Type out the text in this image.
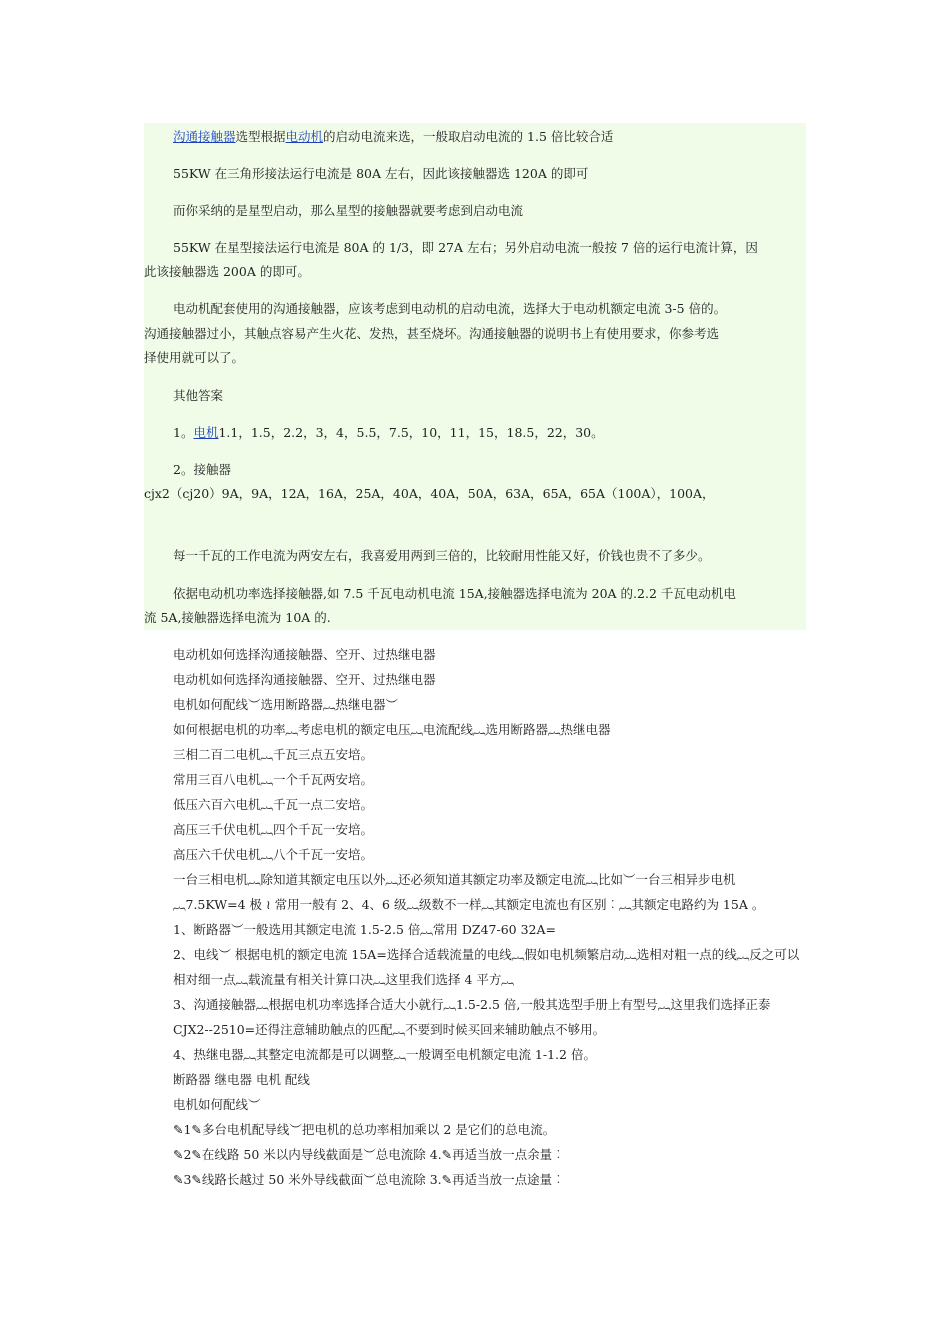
沟通接触器选型根据电动机的启动电流来选，一般取启动电流的 1.5 倍比较合适
55KW 在三角形接法运行电流是 80A 左右，因此该接触器选 120A 的即可
而你采纳的是星型启动，那么星型的接触器就要考虑到启动电流
55KW 在星型接法运行电流是 80A 的 1/3，即 27A 左右；另外启动电流一般按 7 倍的运行电流计算，因
此该接触器选 200A 的即可。
电动机配套使用的沟通接触器，应该考虑到电动机的启动电流，选择大于电动机额定电流 3-5 倍的。
沟通接触器过小，其触点容易产生火花、发热，甚至烧坏。沟通接触器的说明书上有使用要求，你参考选
择使用就可以了。
其他答案
1。电机1.1，1.5，2.2，3，4，5.5，7.5，10，11，15，18.5，22，30。
2。接触器
cjx2（cj20）9A，9A，12A，16A，25A，40A，40A，50A，63A，65A，65A（100A），100A，
每一千瓦的工作电流为两安左右，我喜爱用两到三倍的，比较耐用性能又好，价钱也贵不了多少。
依据电动机功率选择接触器,如 7.5 千瓦电动机电流 15A,接触器选择电流为 20A 的.2.2 千瓦电动机电
流 5A,接触器选择电流为 10A 的.
电动机如何选择沟通接触器、空开、过热继电器
电动机如何选择沟通接触器、空开、过热继电器
电机如何配线︶选用断路器︷热继电器︶
如何根据电机的功率︷考虑电机的额定电压︷电流配线︷选用断路器︷热继电器
三相二百二电机︷千瓦三点五安培。
常用三百八电机︷一个千瓦两安培。
低压六百六电机︷千瓦一点二安培。
高压三千伏电机︷四个千瓦一安培。
高压六千伏电机︷八个千瓦一安培。
一台三相电机︷除知道其额定电压以外︷还必须知道其额定功率及额定电流︷比如︶一台三相异步电机︷7.5KW=4 极 ≀ 常用一般有 2、4、6 级︷级数不一样︷其额定电流也有区别︰︷其额定电路约为 15A 。
1、断路器︶一般选用其额定电流 1.5-2.5 倍︷常用 DZ47-60 32A=
2、电线︶ 根据电机的额定电流 15A=选择合适载流量的电线︷假如电机频繁启动︷选相对粗一点的线︷反之可以相对细一点︷载流量有相关计算口决︷这里我们选择 4 平方︷
3、沟通接触器︷根据电机功率选择合适大小就行︷1.5-2.5 倍,一般其选型手册上有型号︷这里我们选择正泰 CJX2--2510=还得注意辅助触点的匹配︷不要到时候买回来辅助触点不够用。
4、热继电器︷其整定电流都是可以调整︷一般调至电机额定电流 1-1.2 倍。
断路器 继电器 电机 配线
电机如何配线︶
✎1✎多台电机配导线︶把电机的总功率相加乘以 2 是它们的总电流。
✎2✎在线路 50 米以内导线截面是︶总电流除 4.✎再适当放一点余量︰
✎3✎线路长越过 50 米外导线截面︶总电流除 3.✎再适当放一点途量︰
